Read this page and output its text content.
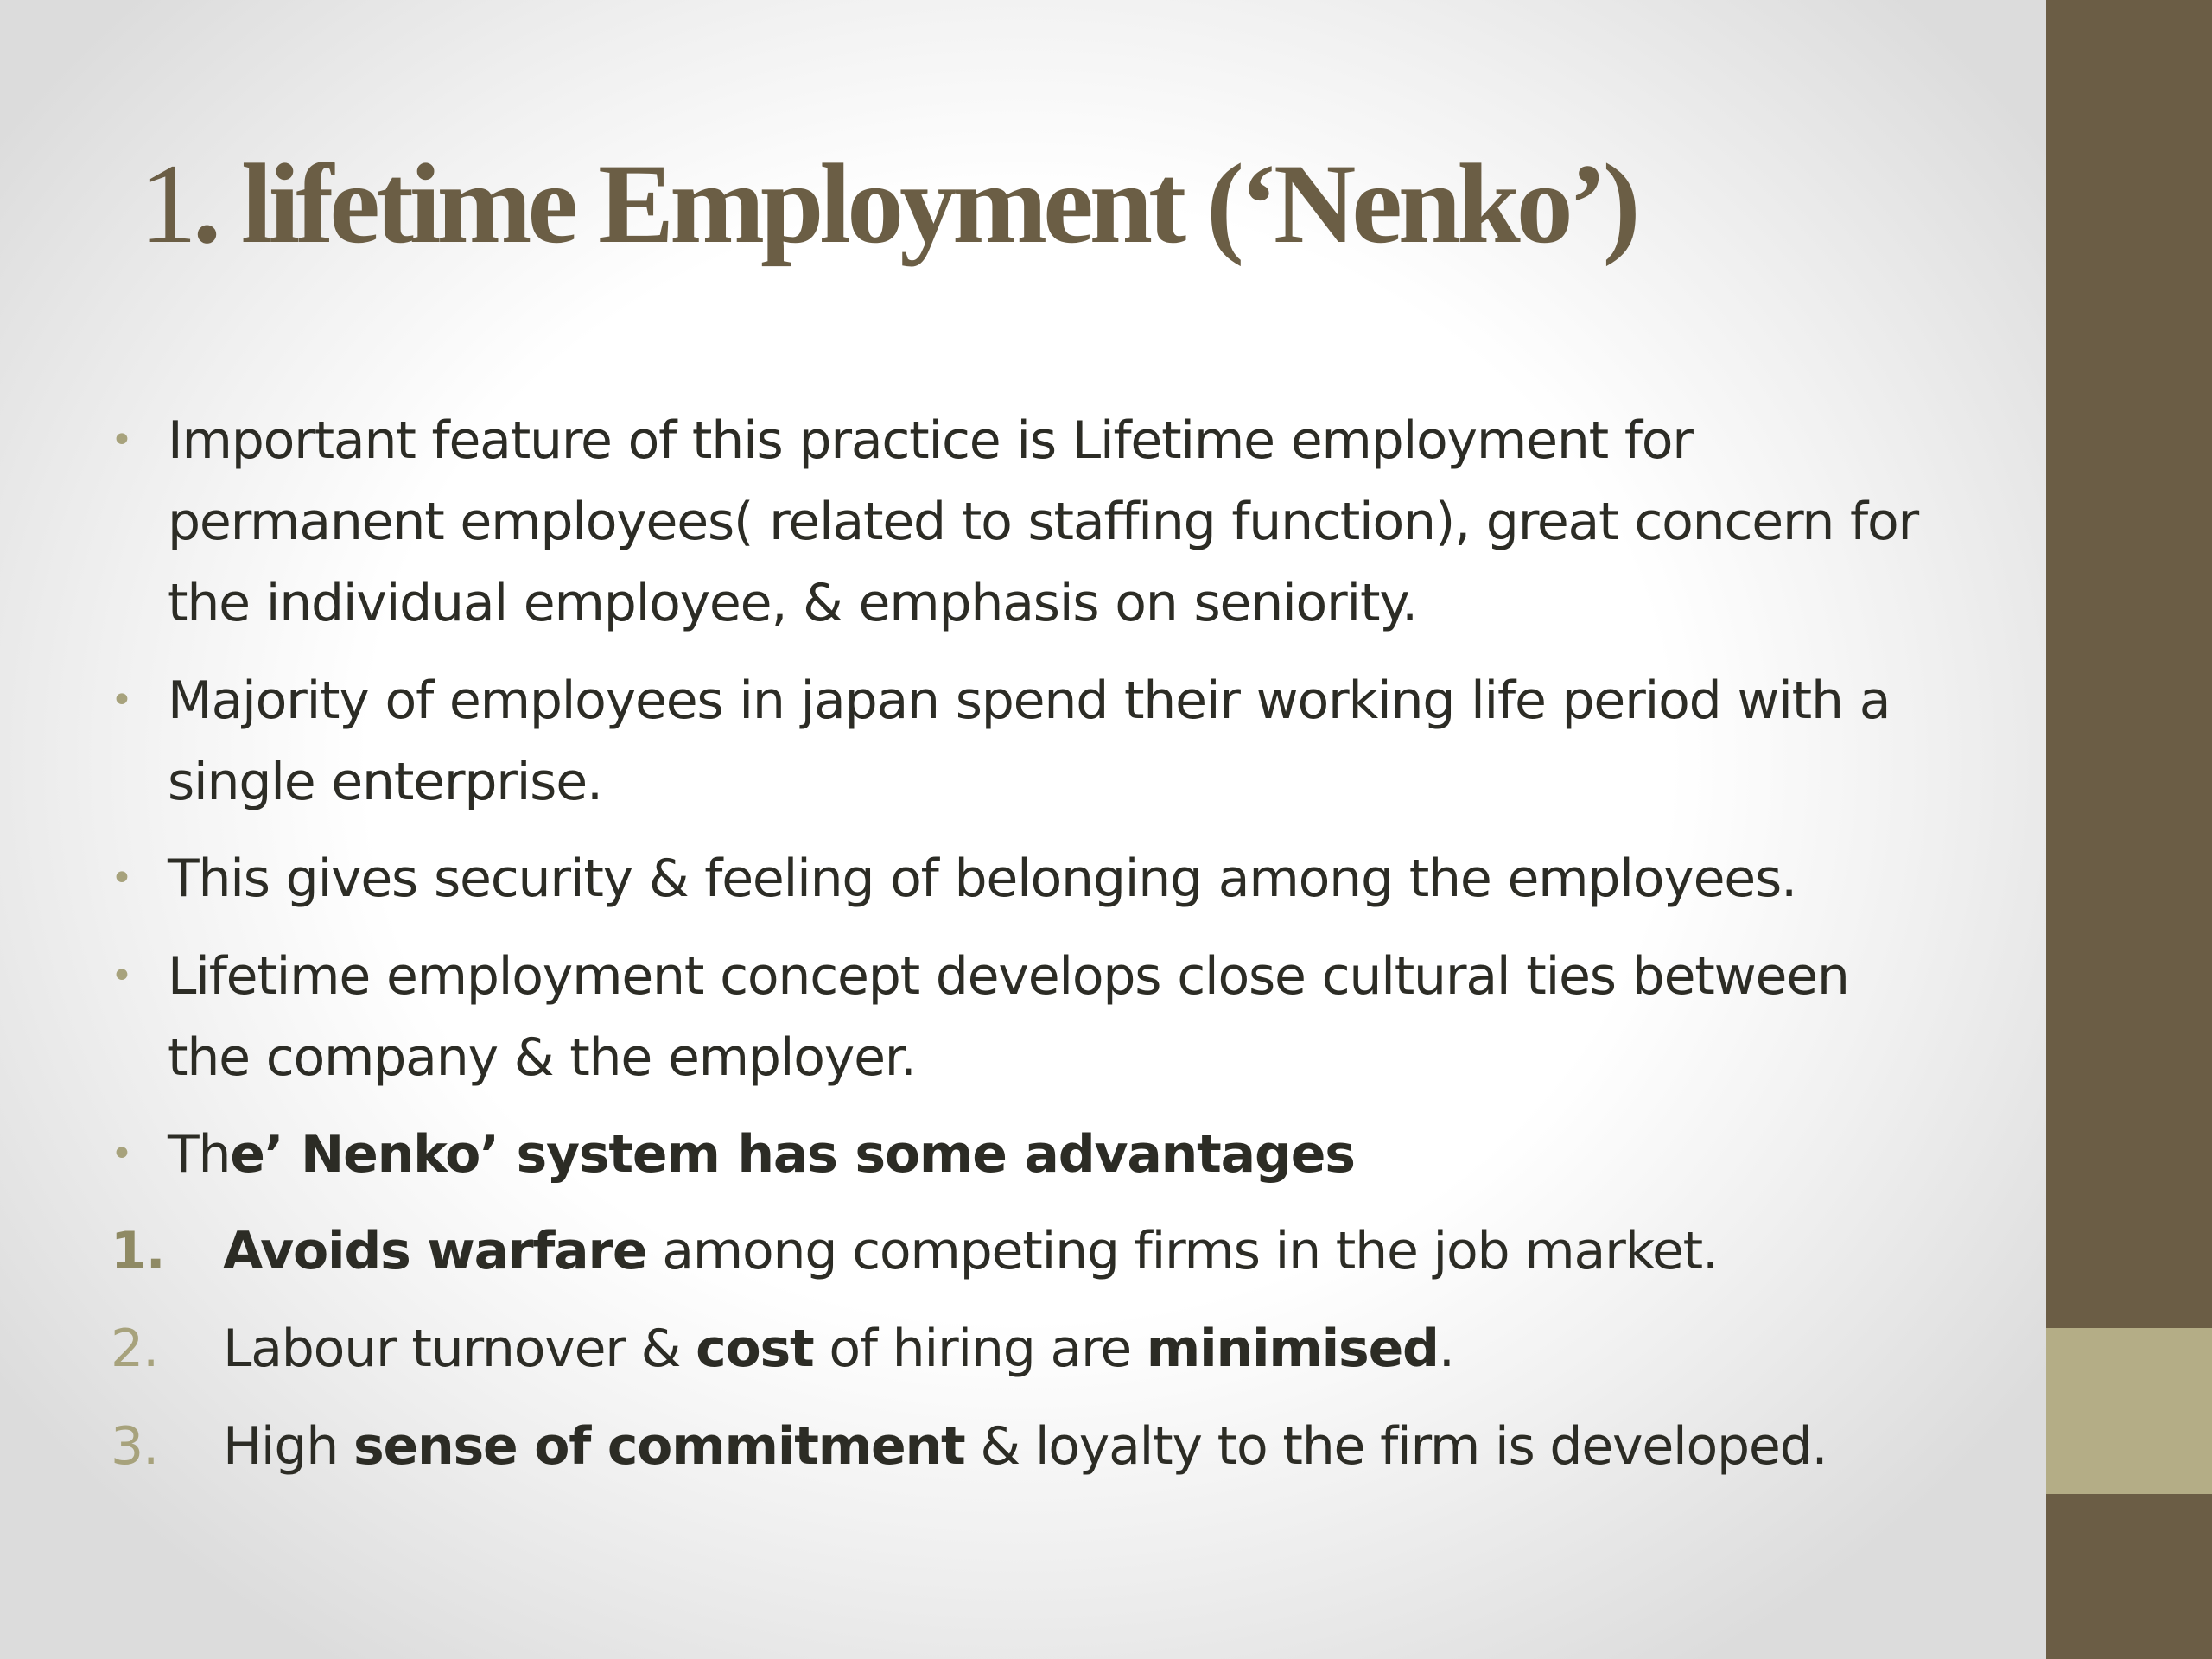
1. lifetime Employment (‘Nenko’)
• Important feature of this practice is Lifetime employment for permanent employees( related to staffing function), great concern for the individual employee, & emphasis on seniority.
• Majority of employees in japan spend their working life period with a single enterprise.
• This gives security & feeling of belonging among the employees.
• Lifetime employment concept develops close cultural ties between the company & the employer.
• The’ Nenko’ system has some advantages
1. Avoids warfare among competing firms in the job market.
2. Labour turnover & cost of hiring are minimised.
3. High sense of commitment & loyalty to the firm is developed.
